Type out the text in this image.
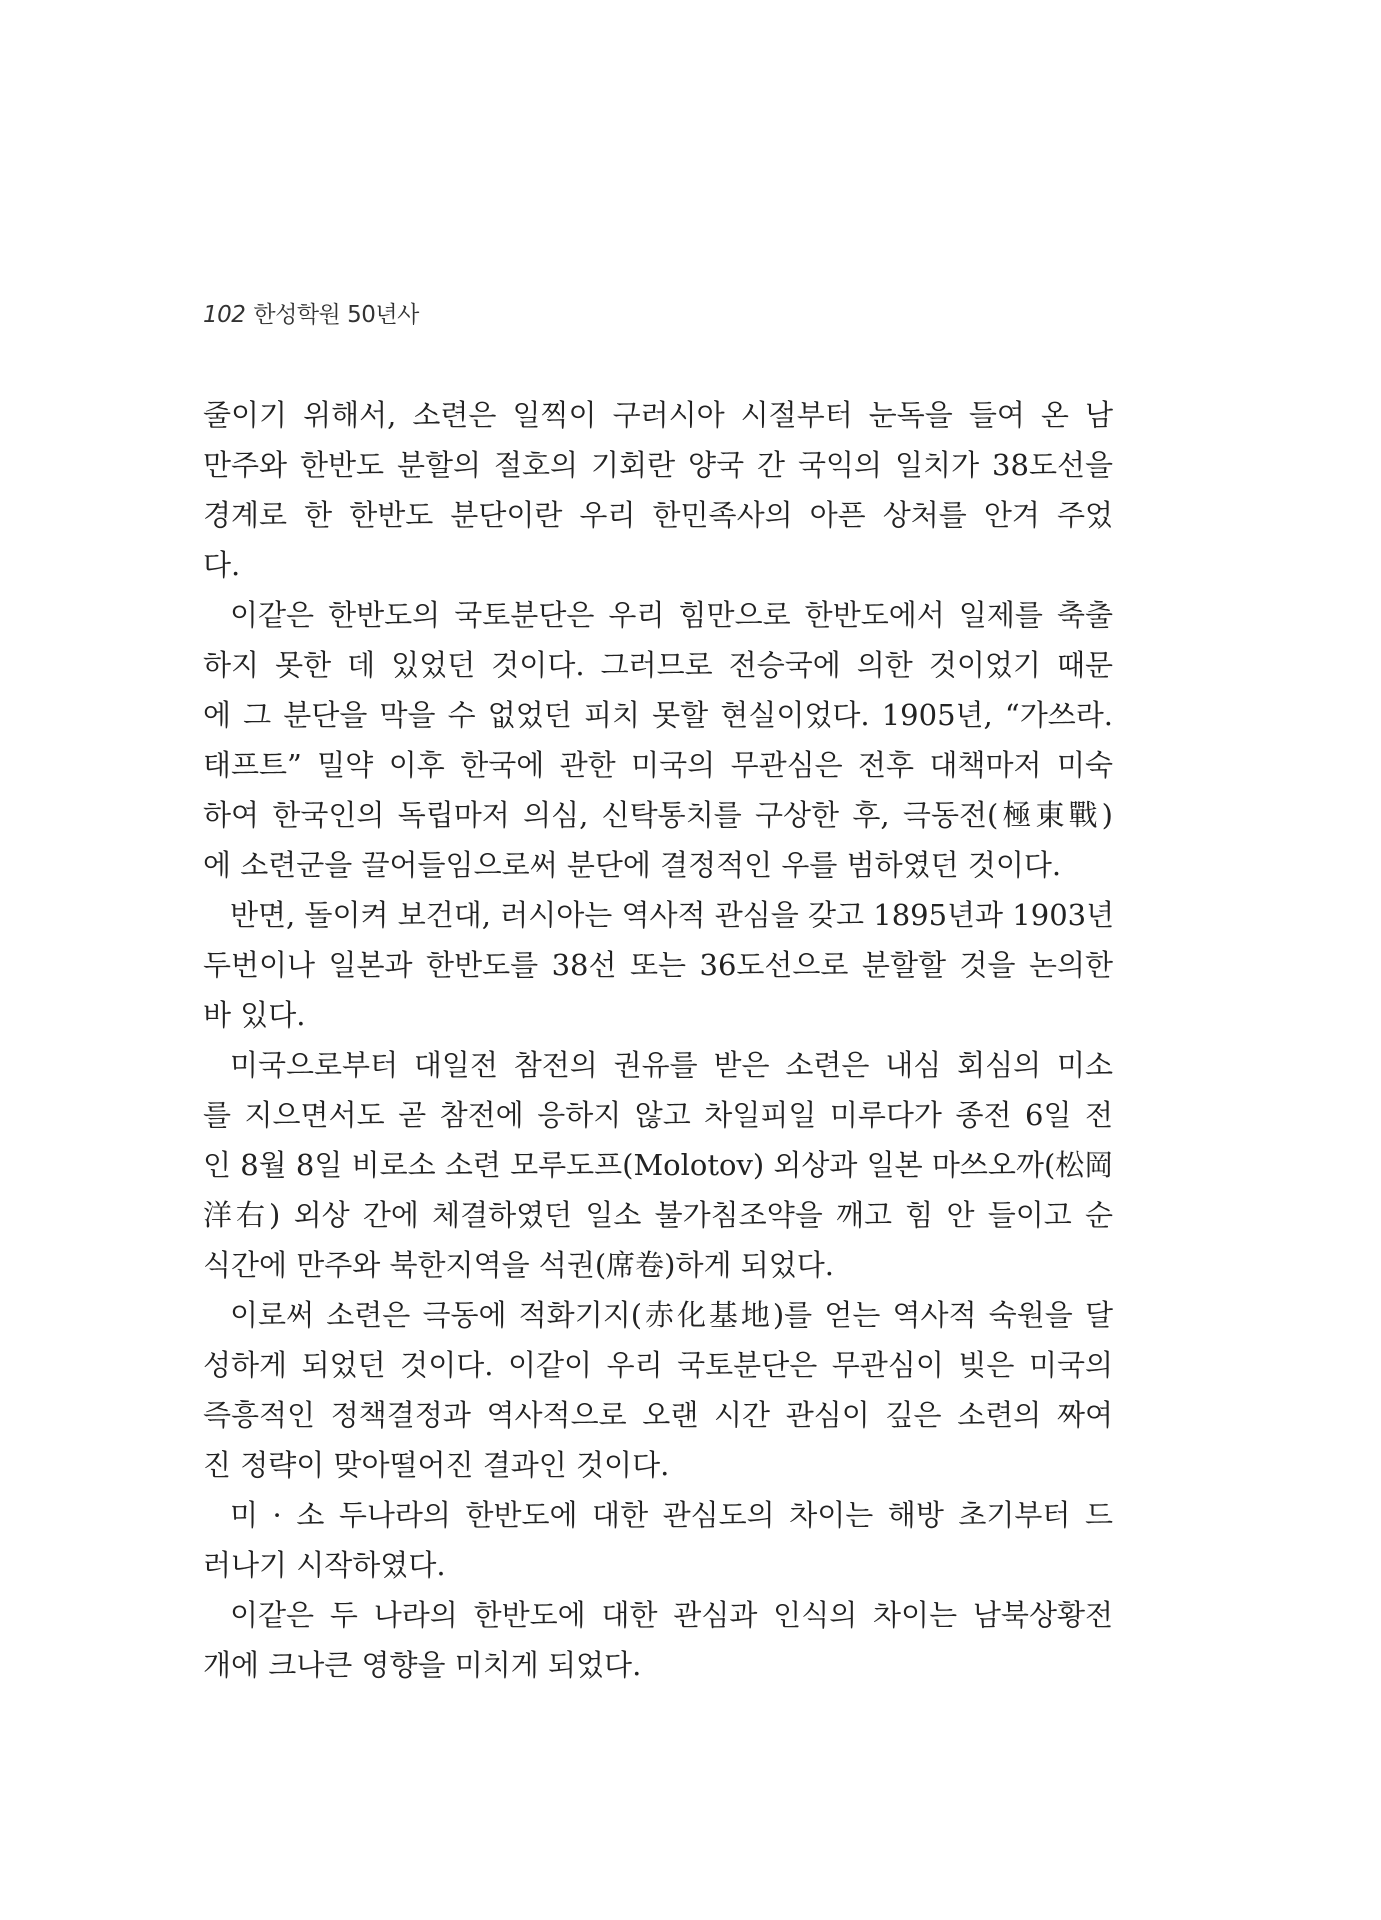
102 한성학원 50년사
줄이기 위해서, 소련은 일찍이 구러시아 시절부터 눈독을 들여 온 남
만주와 한반도 분할의 절호의 기회란 양국 간 국익의 일치가 38도선을
경계로 한 한반도 분단이란 우리 한민족사의 아픈 상처를 안겨 주었
다.
이같은 한반도의 국토분단은 우리 힘만으로 한반도에서 일제를 축출
하지 못한 데 있었던 것이다. 그러므로 전승국에 의한 것이었기 때문
에 그 분단을 막을 수 없었던 피치 못할 현실이었다. 1905년, “가쓰라.
태프트” 밀약 이후 한국에 관한 미국의 무관심은 전후 대책마저 미숙
하여 한국인의 독립마저 의심, 신탁통치를 구상한 후, 극동전(極東戰)
에 소련군을 끌어들임으로써 분단에 결정적인 우를 범하였던 것이다.
반면, 돌이켜 보건대, 러시아는 역사적 관심을 갖고 1895년과 1903년
두번이나 일본과 한반도를 38선 또는 36도선으로 분할할 것을 논의한
바 있다.
미국으로부터 대일전 참전의 권유를 받은 소련은 내심 회심의 미소
를 지으면서도 곧 참전에 응하지 않고 차일피일 미루다가 종전 6일 전
인 8월 8일 비로소 소련 모루도프(Molotov) 외상과 일본 마쓰오까(松岡
洋右) 외상 간에 체결하였던 일소 불가침조약을 깨고 힘 안 들이고 순
식간에 만주와 북한지역을 석권(席卷)하게 되었다.
이로써 소련은 극동에 적화기지(赤化基地)를 얻는 역사적 숙원을 달
성하게 되었던 것이다. 이같이 우리 국토분단은 무관심이 빚은 미국의
즉흥적인 정책결정과 역사적으로 오랜 시간 관심이 깊은 소련의 짜여
진 정략이 맞아떨어진 결과인 것이다.
미 · 소 두나라의 한반도에 대한 관심도의 차이는 해방 초기부터 드
러나기 시작하였다.
이같은 두 나라의 한반도에 대한 관심과 인식의 차이는 남북상황전
개에 크나큰 영향을 미치게 되었다.
